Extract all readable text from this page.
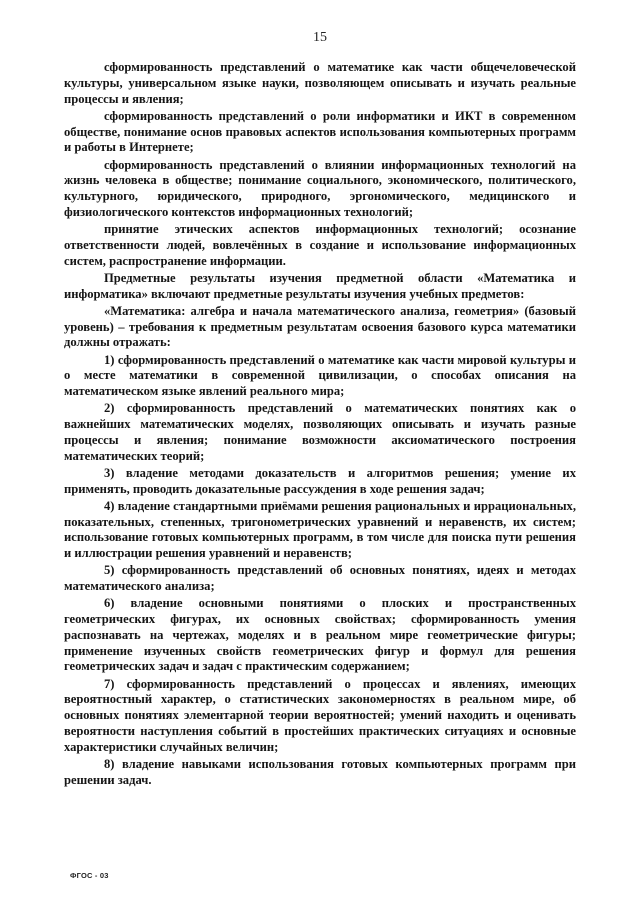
15

сформированность представлений о математике как части общечеловеческой культуры, универсальном языке науки, позволяющем описывать и изучать реальные процессы и явления;

сформированность представлений о роли информатики и ИКТ в современном обществе, понимание основ правовых аспектов использования компьютерных программ и работы в Интернете;

сформированность представлений о влиянии информационных технологий на жизнь человека в обществе; понимание социального, экономического, политического, культурного, юридического, природного, эргономического, медицинского и физиологического контекстов информационных технологий;

принятие этических аспектов информационных технологий; осознание ответственности людей, вовлечённых в создание и использование информационных систем, распространение информации.

Предметные результаты изучения предметной области «Математика и информатика» включают предметные результаты изучения учебных предметов:

«Математика: алгебра и начала математического анализа, геометрия» (базовый уровень) – требования к предметным результатам освоения базового курса математики должны отражать:

1) сформированность представлений о математике как части мировой культуры и о месте математики в современной цивилизации, о способах описания на математическом языке явлений реального мира;

2) сформированность представлений о математических понятиях как о важнейших математических моделях, позволяющих описывать и изучать разные процессы и явления; понимание возможности аксиоматического построения математических теорий;

3) владение методами доказательств и алгоритмов решения; умение их применять, проводить доказательные рассуждения в ходе решения задач;

4) владение стандартными приёмами решения рациональных и иррациональных, показательных, степенных, тригонометрических уравнений и неравенств, их систем; использование готовых компьютерных программ, в том числе для поиска пути решения и иллюстрации решения уравнений и неравенств;

5) сформированность представлений об основных понятиях, идеях и методах математического анализа;

6) владение основными понятиями о плоских и пространственных геометрических фигурах, их основных свойствах; сформированность умения распознавать на чертежах, моделях и в реальном мире геометрические фигуры; применение изученных свойств геометрических фигур и формул для решения геометрических задач и задач с практическим содержанием;

7) сформированность представлений о процессах и явлениях, имеющих вероятностный характер, о статистических закономерностях в реальном мире, об основных понятиях элементарной теории вероятностей; умений находить и оценивать вероятности наступления событий в простейших практических ситуациях и основные характеристики случайных величин;

8) владение навыками использования готовых компьютерных программ при решении задач.

ФГОС - 03
